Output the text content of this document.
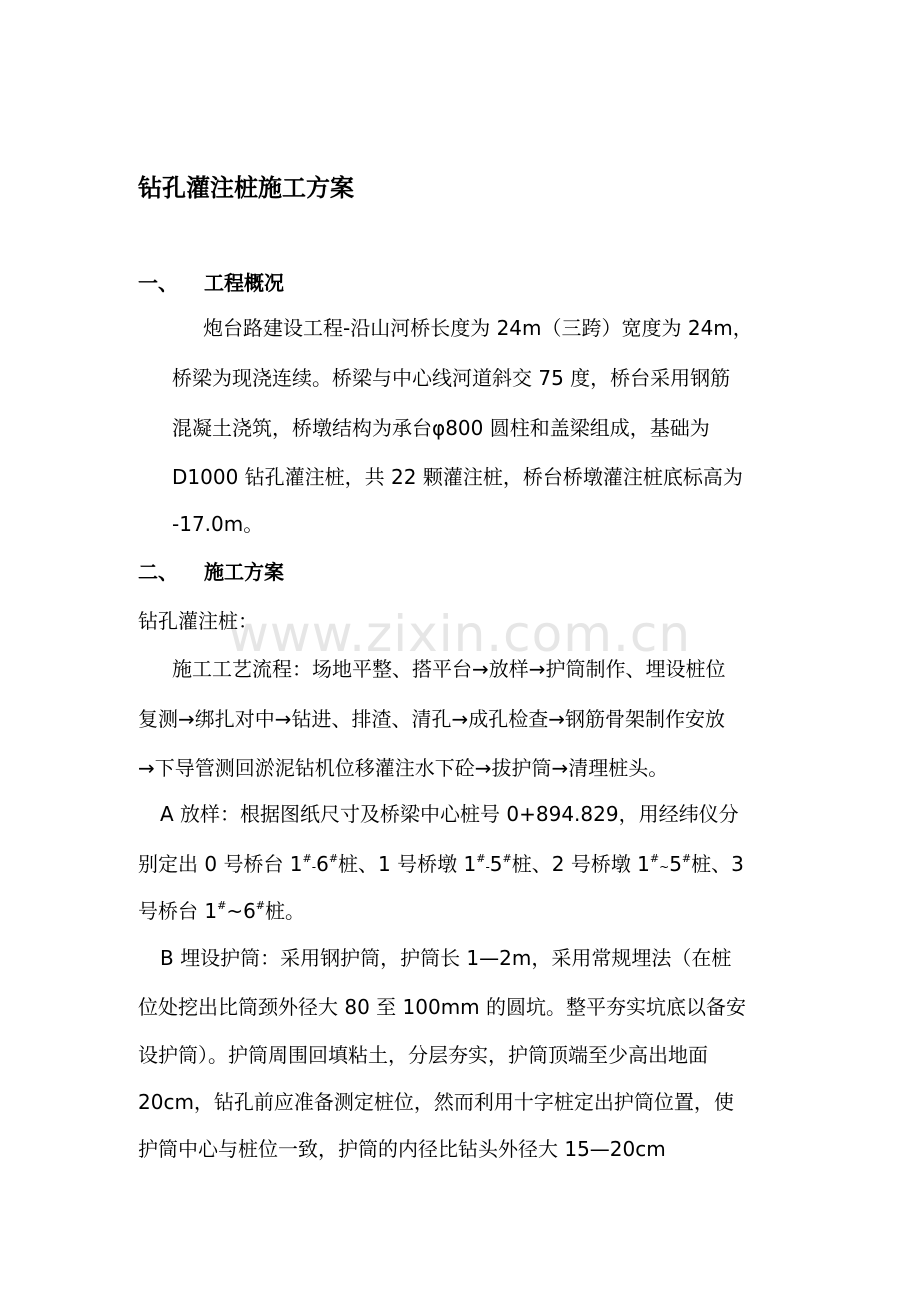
www.zixin.com.cn
钻孔灌注桩施工方案
一、 工程概况
炮台路建设工程-沿山河桥长度为 24m（三跨）宽度为 24m，
桥梁为现浇连续。桥梁与中心线河道斜交 75 度，桥台采用钢筋
混凝土浇筑，桥墩结构为承台φ800 圆柱和盖梁组成，基础为
D1000 钻孔灌注桩，共 22 颗灌注桩，桥台桥墩灌注桩底标高为
-17.0m。
二、 施工方案
钻孔灌注桩：
施工工艺流程：场地平整、搭平台→放样→护筒制作、埋设桩位
复测→绑扎对中→钻进、排渣、清孔→成孔检查→钢筋骨架制作安放
→下导管测回淤泥钻机位移灌注水下砼→拔护筒→清理桩头。
A 放样：根据图纸尺寸及桥梁中心桩号 0+894.829，用经纬仪分
别定出 0 号桥台 1#-6#桩、1 号桥墩 1#-5#桩、2 号桥墩 1#~5#桩、3
号桥台 1#~6#桩。
B 埋设护筒：采用钢护筒，护筒长 1—2m，采用常规埋法（在桩
位处挖出比筒颈外径大 80 至 100mm 的圆坑。整平夯实坑底以备安
设护筒）。护筒周围回填粘土，分层夯实，护筒顶端至少高出地面
20cm，钻孔前应准备测定桩位，然而利用十字桩定出护筒位置，使
护筒中心与桩位一致，护筒的内径比钻头外径大 15—20cm
